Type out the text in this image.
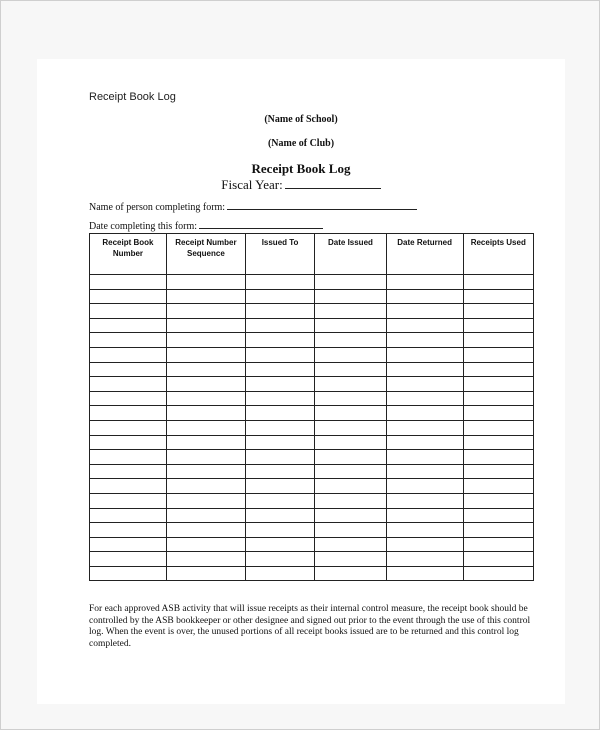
Receipt Book Log
(Name of School)
(Name of Club)
Receipt Book Log
Fiscal Year:
Name of person completing form:
Date completing this form:
Receipt Book Number	Receipt Number Sequence	Issued To	Date Issued	Date Returned	Receipts Used

For each approved ASB activity that will issue receipts as their internal control measure, the receipt book should be controlled by the ASB bookkeeper or other designee and signed out prior to the event through the use of this control log. When the event is over, the unused portions of all receipt books issued are to be returned and this control log completed.
